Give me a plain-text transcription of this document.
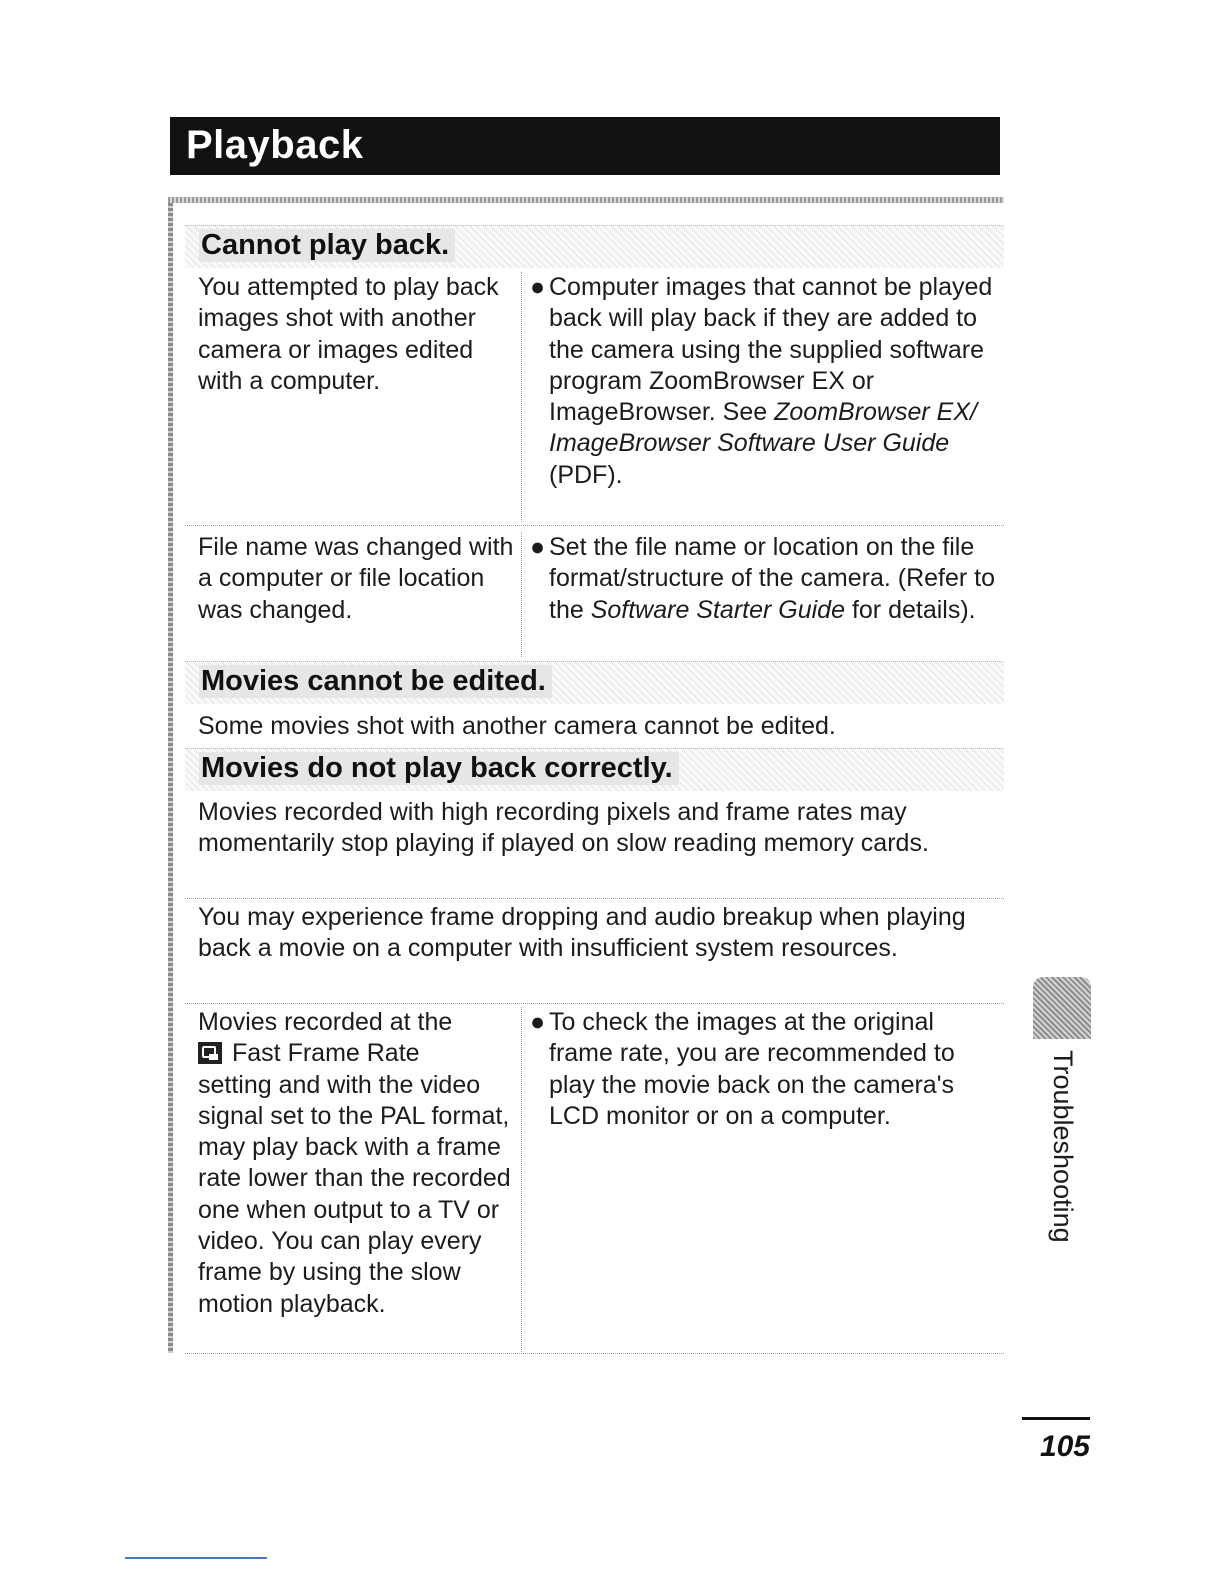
Playback
Cannot play back.
You attempted to play back images shot with another camera or images edited with a computer.
● Computer images that cannot be played back will play back if they are added to the camera using the supplied software program ZoomBrowser EX or ImageBrowser. See ZoomBrowser EX/ ImageBrowser Software User Guide (PDF).
File name was changed with a computer or file location was changed.
● Set the file name or location on the file format/structure of the camera. (Refer to the Software Starter Guide for details).
Movies cannot be edited.
Some movies shot with another camera cannot be edited.
Movies do not play back correctly.
Movies recorded with high recording pixels and frame rates may momentarily stop playing if played on slow reading memory cards.
You may experience frame dropping and audio breakup when playing back a movie on a computer with insufficient system resources.
Movies recorded at the
Fast Frame Rate
setting and with the video signal set to the PAL format, may play back with a frame rate lower than the recorded one when output to a TV or video. You can play every frame by using the slow motion playback.
● To check the images at the original frame rate, you are recommended to play the movie back on the camera's LCD monitor or on a computer.	Troubleshooting
105
